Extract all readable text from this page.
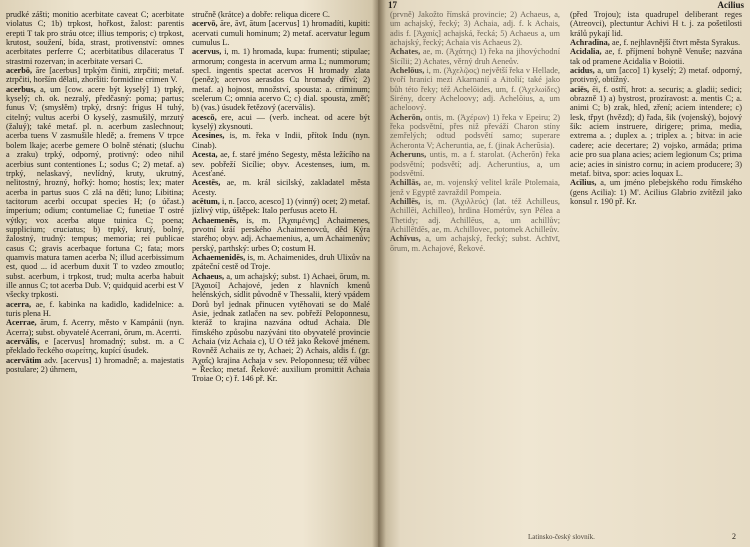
prudké zášti; monitio acerbitate caveat C; acerbitate violatus C; 1b) trpkost, hořkost, žalost: parentis erepti T tak pro stráu otce; illius temporis; c) trpkost, krutost, soužení, bída, strast, protivenství: omnes acerbitates perferre C; acerbitatibus dilaceratus T strastmi rozervan; in acerbitate versari C.

acerbō, āre [acerbus] trpkým činiti, ztrpčiti; metaf. ztrpčiti, horším dělati, zhoršiti: formidine crimen V.

acerbus, a, um [cow. acere být kyselý] 1) trpký, kyselý; ch. ok. nezralý, předčasný: poma; partus; funus V; (smysłěm) trpký, drsný: frigus H tuhý, citelný; vultus acerbi O kyselý, zasmušilý, mrzutý (žaluý); také metaf. pl. n. acerbum zaslechnout; acerba tuens V zasmušile hledě; a. fremens V trpce bolem lkaje; acerbe gemere O bolně sténati; (sluchu a zraku) trpký, odporný, protivný: odeo nihil acerbius sunt contentiones L; sodus C; 2) metaf. a) trpký, nelaskavý, nevlídný, kruty, ukrutný, nelitostný, hrozný, hořký: homo; hostis; lex; mater acerba in partus suos C zlá na děti; luno; Libitina; tacitorum acerbi occupat species H; (o účast.) ímperium; odium; contumeliae C; funetiae T ostré výtky; vox acerba atque tuinica C; poena; supplicium; cruciatus; b) trpký, krutý, bolný, žalostný, trudný: tempus; memoria; rei publicae casus C; gravis acerbaque fortuna C; fata; mors quamvis matura tamen acerba N; illud acerbissimum est, quod ... id acerbum duxit T to vzdeo zmoutlo; subst. acerbum, i trpkost, trud; multa acerba habuit ille annus C; tot acerba Dub. V; quidquid acerbi est V všecky trpkosti.

acerra, ae, f. kabinka na kadidlo, kadidelnice: a. turis plena H.

Acerrae, ārum, f. Acerry, město v Kampánii (nyn. Acerra); subst. obyvatelé Acerrani, ōrum, m. Acerrti.

acervālis, e [acervus] hromadný; subst. m. a C překlado řeckého σωρείτης, kupící úsudek.

acervātim adv. [acervus] 1) hromadně; a. majestatis postulare; 2) úhrnem,

stručně (krátce) a dobře: reliqua dicere C.

acervō, āre, āvī, ātum [acervus] 1) hromadíti, kupiti: acervati cumuli hominum; 2) metaf. acervatur legum cumulus L.

acervus, i, m. 1) hromada, kupa: frumenti; stipulae; armorum; congesta in acervum arma L; nummorum; specl. ingentis spectat acervos H hromady zlata (peněz); acervos aerasdos Cu hromady dříví; 2) metaf. a) hojnost, množství, spousta: a. criminum; scelerum C; omnia acervo C; c) dial. spousta, změť; b) (vas.) úsudek řetězový (acervālis).

acescō, ere, acui — (verb. incheat. od acere být kyselý) zkysnouti.

Acesines, is, m. řeka v Indii, přítok Indu (nyn. Cinab).

Acesta, ae, f. staré jméno Segesty, města ležícího na sev. pobřeží Sicílie; obyv. Acestenses, ium, m. Acesťané.

Acestēs, ae, m. král sicilský, zakladatel města Acesty.

acētum, i, n. [acco, acesco] 1) (vinný) ocet; 2) metaf. jízlivý vtip, úštěpek: Italo perfusus aceto H.

Achaemenēs, is, m. [Ἀχαιμένης] Achaimenes, prvotní kráí perského Achaimenovců, děd Kýra starého; obyv. adj. Achaemenius, a, um Achaimenův; perský, parthský: urbes O; costum H.

Achaemenidēs, is, m. Achaimenides, druh Ulixův na zpáteční cestě od Troje.

Achaeus, a, um achajský; subst. 1) Achaei, ōrum, m. [Ἀχαιοί] Achajové, jeden z hlavních kmenů helénských, sídlit původně v Thessalii, který vpádem Dorů byl jednak přinucen vytěhovati se do Malé Asie, jednak zatlačen na sev. pobřeží Peloponnesu, kteráž to krajina nazvána odtud Achaia. Dle římského způsobu nazýváni tito obyvatelé provincie Achaia (viz Achaia c), U O též jako Řekové jménem. Rovněž Achaiis ze ty, Achaei; 2) Achais, aldis f. (gr. Ἀχαΐς) krajina Achaja v sev. Peloponnesu; též vůbec = Řecko; metaf. Řekové: auxilium promittit Achaia Troiae O; c) ř. 146 př. Kr.

17	Acilius

(prvně) Jakožto římská provincie; 2) Achaeus, a, um achajský, řecký; 3) Achaia, adj. f. k Achais, adis f. [Ἀχαιίς] achajská, řecká; 5) Achaeus a, um achajský, řecký; Achaia vis Achaeus 2).

Achates, ae, m. (Ἀχάτης) 1) řeka na jihovýchodní Sicílii; 2) Achates, věrný druh Aeneův.

Achelōus, i, m. (Ἀχελῷος) největší řeka v Hellade, tvoří hranici mezi Akarnanií a Aitolií; také jako bůh této řeky; též Achelōides, um, f. (Ἀχελωίδες) Sirény, dcery Acheloovy; adj. Achelōius, a, um acheloový.

Acherōn, ontis, m. (Ἀχέρων) 1) řeka v Epeiru; 2) řeka podsvětní, přes niž převáží Charon stíny zemřelých; odtud podsvětí samo; superare Acheronta V; Acheruntia, ae, f. (jinak Acherūsia).

Acheruns, untis, m. a f. starolat. (Acherōn) řeka podsvětní; podsvětí; adj. Acheruntius, a, um podsvětní.

Achillās, ae, m. vojenský velitel krále Ptolemaia, jenž v Egyptě zavraždil Pompeia.

Achillēs, is, m. (Ἀχιλλεύς) (lat. též Achilleus, Achillēi, Achilleo), hrdina Homérův, syn Pélea a Thetidy; adj. Achillēus, a, um achillův; Achillēīdēs, ae, m. Achillovec, potomek Achilleův.

Achīvus, a, um achajský, řecký; subst. Achīvī, ōrum, m. Achajové, Řekové.

(před Trojou); ista quadrupel deliberant reges (Atreovci), plectuntur Achivi H t. j. za pošetilosti králů pykají lid.

Achradīna, ae, f. nejhlavnější čtvrt města Syrakus.

Acidalia, ae, f. příjmení bohyně Venuše; nazvána tak od pramene Acidalia v Boiotii.

acidus, a, um [acco] 1) kyselý; 2) metaf. odporný, protivný, obtížný.

aciēs, ēi, f. ostří, hrot: a. securis; a. gladii; sedici; obrazně 1) a) bystrost, prozíravost: a. mentis C; a. animi C; b) zrak, hled, zření; aciem intendere; c) lesk, třpyt (hvězd); d) řada, šik (vojenský), bojový šik: aciem instruere, dirigere; prima, media, extrema a. ; duplex a. ; triplex a. ; bitva: in acie cadere; acie decertare; 2) vojsko, armáda; prima acie pro sua plana acies; aciem legionum Cs; prima acie; acies in sinistro cornu; in aciem producere; 3) metaf. bitva, spor: acies loquax L.

Acīlius, a, um jméno plebejského rodu římského (gens Acilia): 1) M'. Acilius Glabrio zvítězil jako konsul r. 190 př. Kr.

Latinsko-český slovník.	2
